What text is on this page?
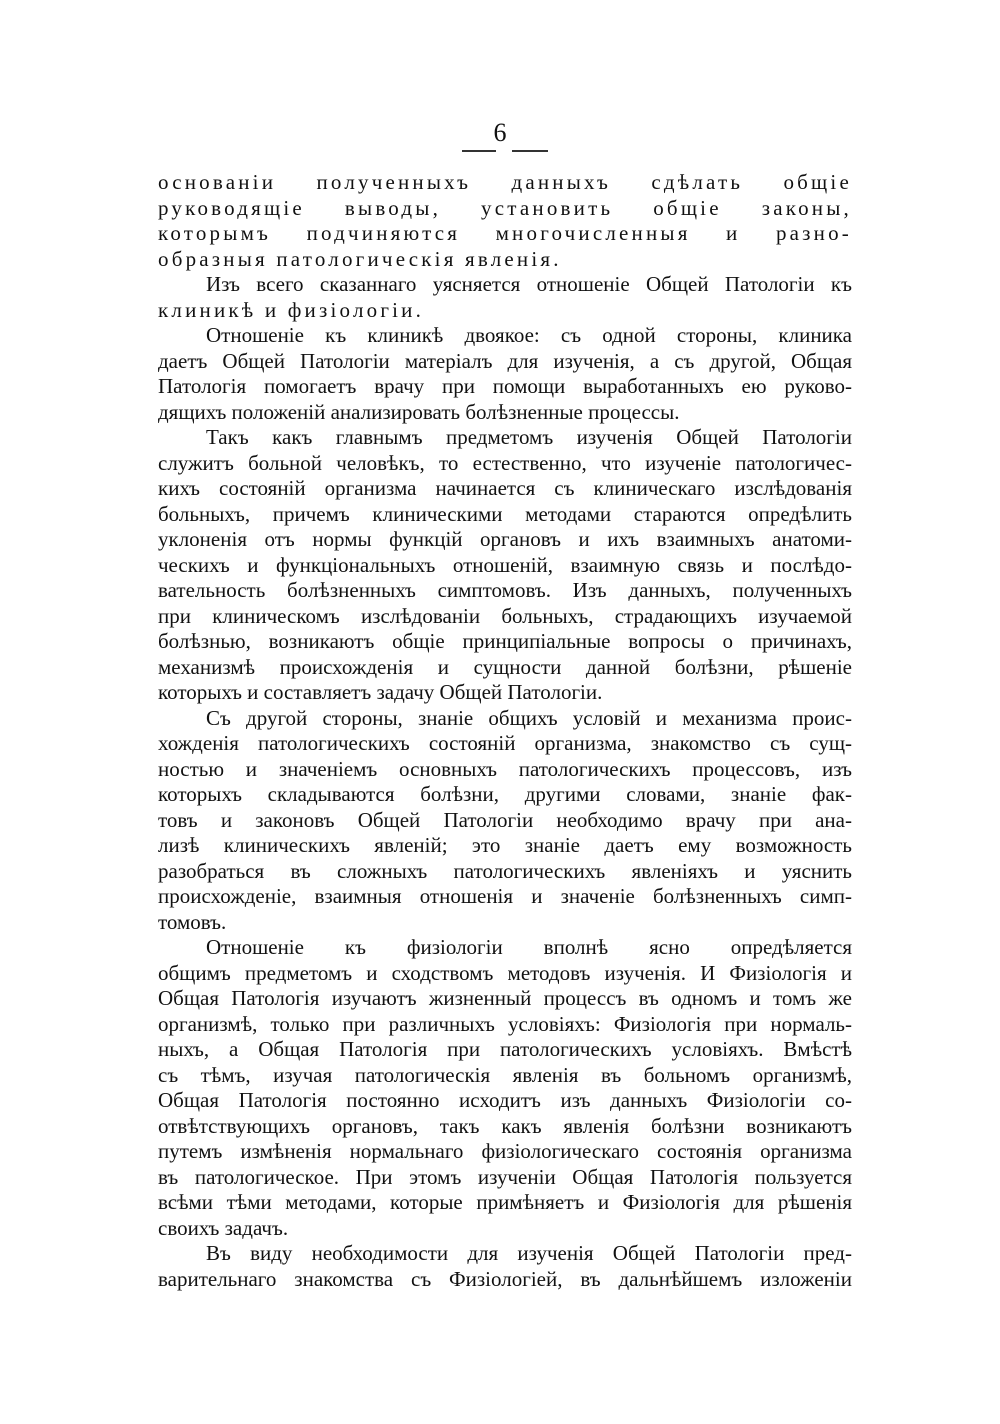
6
основанiи полученныхъ данныхъ сдѣлать общiе
руководящiе выводы, установить общiе законы,
которымъ подчиняются многочисленныя и разно-
образныя патологическiя явленiя.
Изъ всего сказаннаго уясняется отношенiе Общей Патологiи къ
клиникѣ и физiологiи.
Отношенiе къ клиникѣ двоякое: съ одной стороны, клиника
даетъ Общей Патологiи матерiалъ для изученiя, а съ другой, Общая
Патологiя помогаетъ врачу при помощи выработанныхъ ею руково-
дящихъ положенiй анализировать болѣзненные процессы.
Такъ какъ главнымъ предметомъ изученiя Общей Патологiи
служитъ больной человѣкъ, то естественно, что изученiе патологичес-
кихъ состоянiй организма начинается съ клиническаго изслѣдованiя
больныхъ, причемъ клиническими методами стараются опредѣлить
уклоненiя отъ нормы функцiй органовъ и ихъ взаимныхъ анатоми-
ческихъ и функцiональныхъ отношенiй, взаимную связь и послѣдо-
вательность болѣзненныхъ симптомовъ. Изъ данныхъ, полученныхъ
при клиническомъ изслѣдованiи больныхъ, страдающихъ изучаемой
болѣзнью, возникаютъ общiе принципiальные вопросы о причинахъ,
механизмѣ происхожденiя и сущности данной болѣзни, рѣшенiе
которыхъ и составляетъ задачу Общей Патологiи.
Съ другой стороны, знанiе общихъ условiй и механизма проис-
хожденiя патологическихъ состоянiй организма, знакомство съ сущ-
ностью и значенiемъ основныхъ патологическихъ процессовъ, изъ
которыхъ складываются болѣзни, другими словами, знанiе фак-
товъ и законовъ Общей Патологiи необходимо врачу при ана-
лизѣ клиническихъ явленiй; это знанiе даетъ ему возможность
разобраться въ сложныхъ патологическихъ явленiяхъ и уяснить
происхожденiе, взаимныя отношенiя и значенiе болѣзненныхъ симп-
томовъ.
Отношенiе къ физiологiи вполнѣ ясно опредѣляется
общимъ предметомъ и сходствомъ методовъ изученiя. И Физiологiя и
Общая Патологiя изучаютъ жизненный процессъ въ одномъ и томъ же
организмѣ, только при различныхъ условiяхъ: Физiологiя при нормаль-
ныхъ, а Общая Патологiя при патологическихъ условiяхъ. Вмѣстѣ
съ тѣмъ, изучая патологическiя явленiя въ больномъ организмѣ,
Общая Патологiя постоянно исходитъ изъ данныхъ Физiологiи со-
отвѣтствующихъ органовъ, такъ какъ явленiя болѣзни возникаютъ
путемъ измѣненiя нормальнаго физiологическаго состоянiя организма
въ патологическое. При этомъ изученiи Общая Патологiя пользуется
всѣми тѣми методами, которые примѣняетъ и Физiологiя для рѣшенiя
своихъ задачъ.
Въ виду необходимости для изученiя Общей Патологiи пред-
варительнаго знакомства съ Физiологiей, въ дальнѣйшемъ изложенiи
